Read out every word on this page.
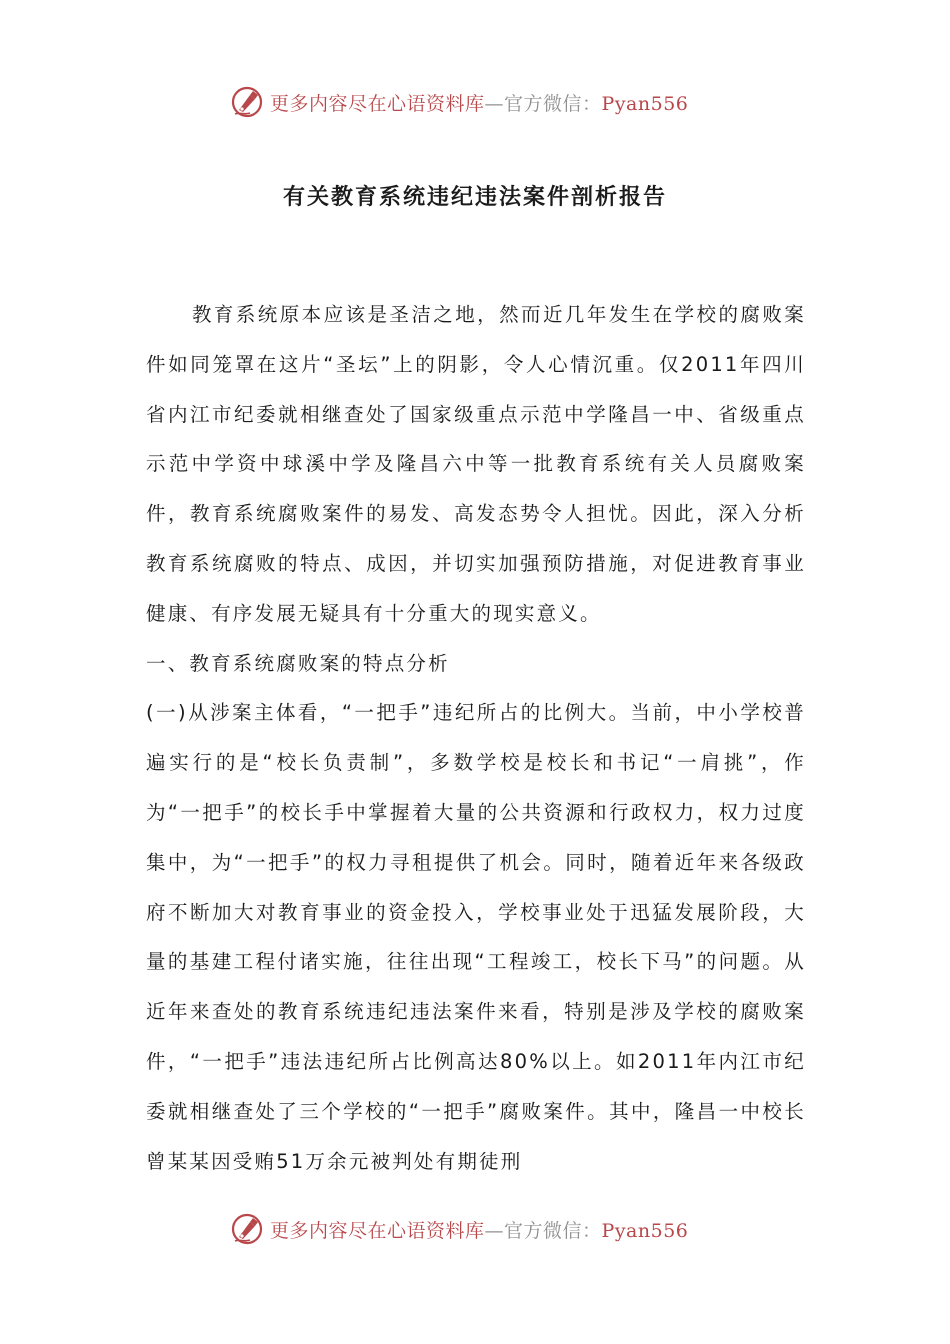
更多内容尽在心语资料库—官方微信：Pyan556
有关教育系统违纪违法案件剖析报告

教育系统原本应该是圣洁之地，然而近几年发生在学校的腐败案件如同笼罩在这片“圣坛”上的阴影，令人心情沉重。仅2011年四川省内江市纪委就相继查处了国家级重点示范中学隆昌一中、省级重点示范中学资中球溪中学及隆昌六中等一批教育系统有关人员腐败案件，教育系统腐败案件的易发、高发态势令人担忧。因此，深入分析教育系统腐败的特点、成因，并切实加强预防措施，对促进教育事业健康、有序发展无疑具有十分重大的现实意义。

一、教育系统腐败案的特点分析

(一)从涉案主体看，“一把手”违纪所占的比例大。当前，中小学校普遍实行的是“校长负责制”，多数学校是校长和书记“一肩挑”，作为“一把手”的校长手中掌握着大量的公共资源和行政权力，权力过度集中，为“一把手”的权力寻租提供了机会。同时，随着近年来各级政府不断加大对教育事业的资金投入，学校事业处于迅猛发展阶段，大量的基建工程付诸实施，往往出现“工程竣工，校长下马”的问题。从近年来查处的教育系统违纪违法案件来看，特别是涉及学校的腐败案件，“一把手”违法违纪所占比例高达80%以上。如2011年内江市纪委就相继查处了三个学校的“一把手”腐败案件。其中，隆昌一中校长曾某某因受贿51万余元被判处有期徒刑

更多内容尽在心语资料库—官方微信：Pyan556
